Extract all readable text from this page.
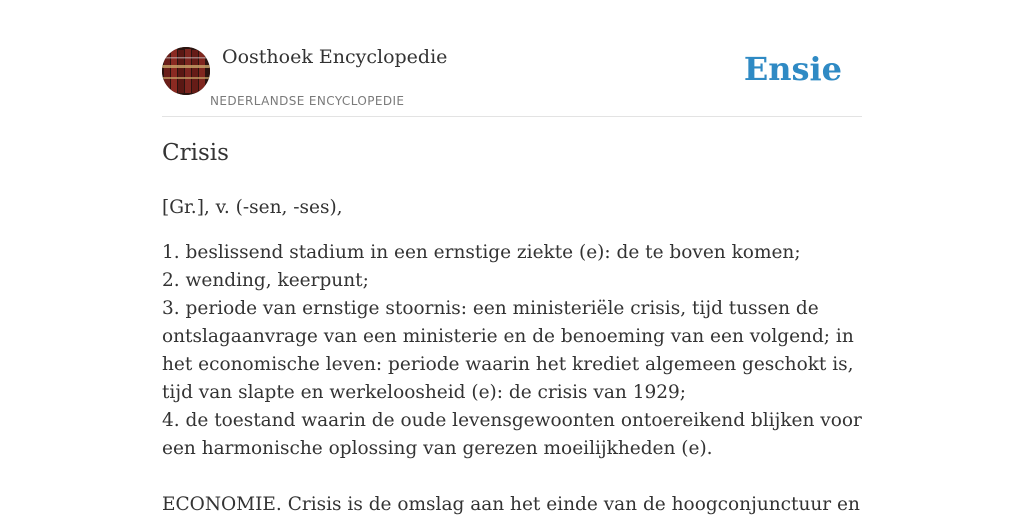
Oosthoek Encyclopedie
NEDERLANDSE ENCYCLOPEDIE
Ensie
Crisis

[Gr.], v. (-sen, -ses),

1. beslissend stadium in een ernstige ziekte (e): de te boven komen;

2. wending, keerpunt;

3. periode van ernstige stoornis: een ministeriële crisis, tijd tussen de ontslagaanvrage van een ministerie en de benoeming van een volgend; in het economische leven: periode waarin het krediet algemeen geschokt is, tijd van slapte en werkeloosheid (e): de crisis van 1929;

4. de toestand waarin de oude levensgewoonten ontoereikend blijken voor een harmonische oplossing van gerezen moeilijkheden (e).

ECONOMIE. Crisis is de omslag aan het einde van de hoogconjunctuur en
